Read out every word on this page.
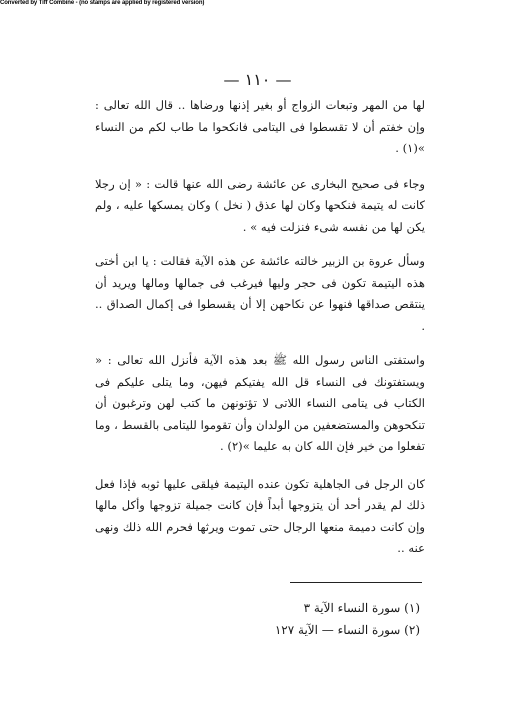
Converted by Tiff Combine - (no stamps are applied by registered version)
— ١١٠ —

لها من المهر وتبعات الزواج أو بغير إذنها ورضاها .. قال الله تعالى : وإن خفتم أن لا تقسطوا فى اليتامى فانكحوا ما طاب لكم من النساء »(١) .

وجاء فى صحيح البخارى عن عائشة رضى الله عنها قالت : « إن رجلا كانت له يتيمة فنكحها وكان لها عذق ( نخل ) وكان يمسكها عليه ، ولم يكن لها من نفسه شىء فنزلت فيه » .

وسأل عروة بن الزبير خالته عائشة عن هذه الآية فقالت : يا ابن أختى هذه اليتيمة تكون فى حجر وليها فيرغب فى جمالها ومالها ويريد أن ينتقص صداقها فنهوا عن نكاحهن إلا أن يقسطوا فى إكمال الصداق .. .

واستفتى الناس رسول الله ﷺ بعد هذه الآية فأنزل الله تعالى : « ويستفتونك فى النساء قل الله يفتيكم فيهن، وما يتلى عليكم فى الكتاب فى يتامى النساء اللاتى لا تؤتونهن ما كتب لهن وترغبون أن تنكحوهن والمستضعفين من الولدان وأن تقوموا لليتامى بالقسط ، وما تفعلوا من خير فإن الله كان به عليما »(٢) .

كان الرجل فى الجاهلية تكون عنده اليتيمة فيلقى عليها ثوبه فإذا فعل ذلك لم يقدر أحد أن يتزوجها أبداً فإن كانت جميلة تزوجها وأكل مالها وإن كانت دميمة منعها الرجال حتى تموت ويرثها فحرم الله ذلك ونهى عنه ..

(١) سورة النساء الآية ٣
(٢) سورة النساء — الآية ١٢٧
